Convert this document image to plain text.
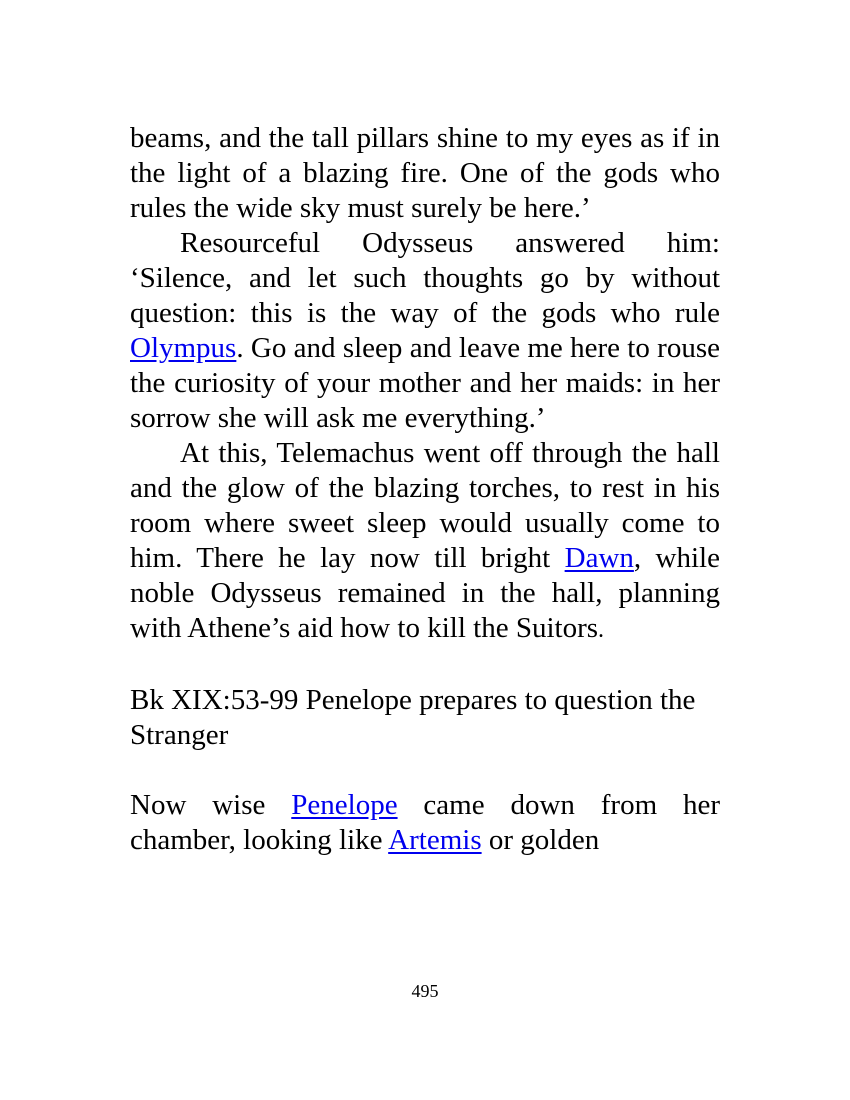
beams, and the tall pillars shine to my eyes as if in the light of a blazing fire. One of the gods who rules the wide sky must surely be here.’

Resourceful Odysseus answered him: ‘Silence, and let such thoughts go by without question: this is the way of the gods who rule Olympus. Go and sleep and leave me here to rouse the curiosity of your mother and her maids: in her sorrow she will ask me everything.’

At this, Telemachus went off through the hall and the glow of the blazing torches, to rest in his room where sweet sleep would usually come to him. There he lay now till bright Dawn, while noble Odysseus remained in the hall, planning with Athene’s aid how to kill the Suitors.

Bk XIX:53-99 Penelope prepares to question the Stranger

Now wise Penelope came down from her chamber, looking like Artemis or golden

495
